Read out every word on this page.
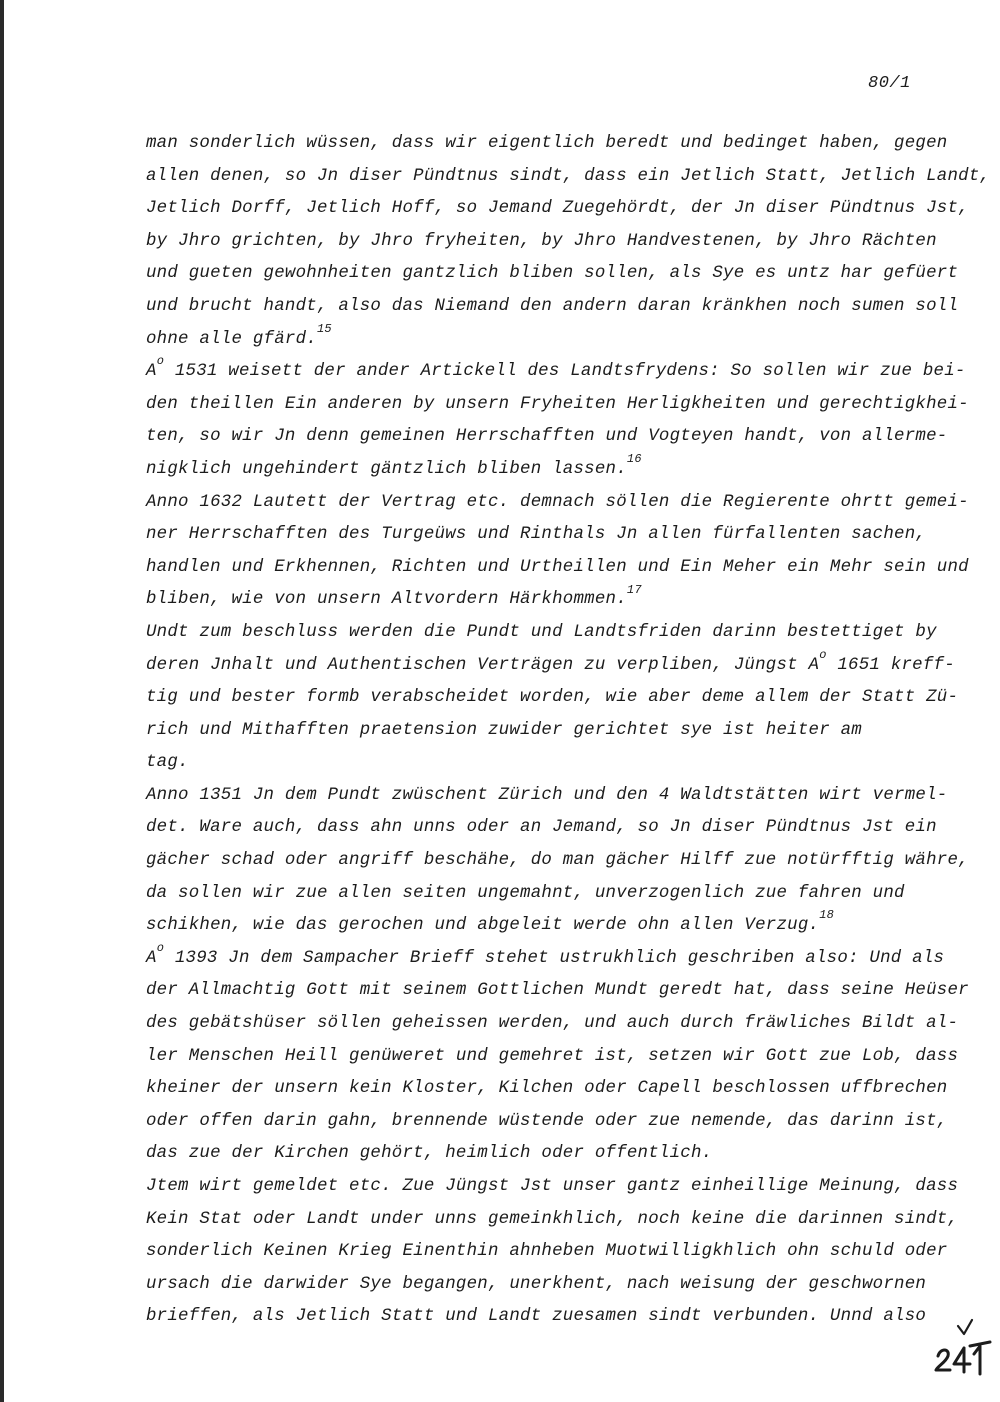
80/1
man sonderlich wüssen, dass wir eigentlich beredt und bedinget haben, gegen
allen denen, so Jn diser Pündtnus sindt, dass ein Jetlich Statt, Jetlich Landt,
Jetlich Dorff, Jetlich Hoff, so Jemand Zuegehördt, der Jn diser Pündtnus Jst,
by Jhro grichten, by Jhro fryheiten, by Jhro Handvestenen, by Jhro Rächten
und gueten gewohnheiten gantzlich bliben sollen, als Sye es untz har gefüert
und brucht handt, also das Niemand den andern daran kränkhen noch sumen soll
ohne alle gfärd.$^{15}$
$A^o$ 1531 weisett der ander Artickell des Landtsfrydens: So sollen wir zue bei-
den theillen Ein anderen by unsern Fryheiten Herligkheiten und gerechtigkhei-
ten, so wir Jn denn gemeinen Herrschafften und Vogteyen handt, von allerme-
nigklich ungehindert gäntzlich bliben lassen.$^{16}$
Anno 1632 Lautett der Vertrag etc. demnach söllen die Regierente ohrtt gemei-
ner Herrschafften des Turgeüws und Rinthals Jn allen fürfallenten sachen,
handlen und Erkhennen, Richten und Urtheillen und Ein Meher ein Mehr sein und
bliben, wie von unsern Altvordern Härkhommen.$^{17}$
Undt zum beschluss werden die Pundt und Landtsfriden darinn bestettiget by
deren Jnhalt und Authentischen Verträgen zu verpliben, Jüngst $A^o$ 1651 kreff-
tig und bester formb verabscheidet worden, wie aber deme allem der Statt Zü-
rich und Mithafften praetension zuwider gerichtet sye ist heiter am
tag.
Anno 1351 Jn dem Pundt zwüschent Zürich und den 4 Waldtstätten wirt vermel-
det. Ware auch, dass ahn unns oder an Jemand, so Jn diser Pündtnus Jst ein
gächer schad oder angriff beschähe, do man gächer Hilff zue notürfftig währe,
da sollen wir zue allen seiten ungemahnt, unverzogenlich zue fahren und
schikhen, wie das gerochen und abgeleit werde ohn allen Verzug.$^{18}$
$A^o$ 1393 Jn dem Sampacher Brieff stehet ustrukhlich geschriben also: Und als
der Allmachtig Gott mit seinem Gottlichen Mundt geredt hat, dass seine Heüser
des gebätshüser söllen geheissen werden, und auch durch fräwliches Bildt al-
ler Menschen Heill genüweret und gemehret ist, setzen wir Gott zue Lob, dass
kheiner der unsern kein Kloster, Kilchen oder Capell beschlossen uffbrechen
oder offen darin gahn, brennende wüstende oder zue nemende, das darinn ist,
das zue der Kirchen gehört, heimlich oder offentlich.
Jtem wirt gemeldet etc. Zue Jüngst Jst unser gantz einheillige Meinung, dass
Kein Stat oder Landt under unns gemeinkhlich, noch keine die darinnen sindt,
sonderlich Keinen Krieg Einenthin ahnheben Muotwilligkhlich ohn schuld oder
ursach die darwider Sye begangen, unerkhent, nach weisung der geschwornen
brieffen, als Jetlich Statt und Landt zuesamen sindt verbunden. Unnd also
